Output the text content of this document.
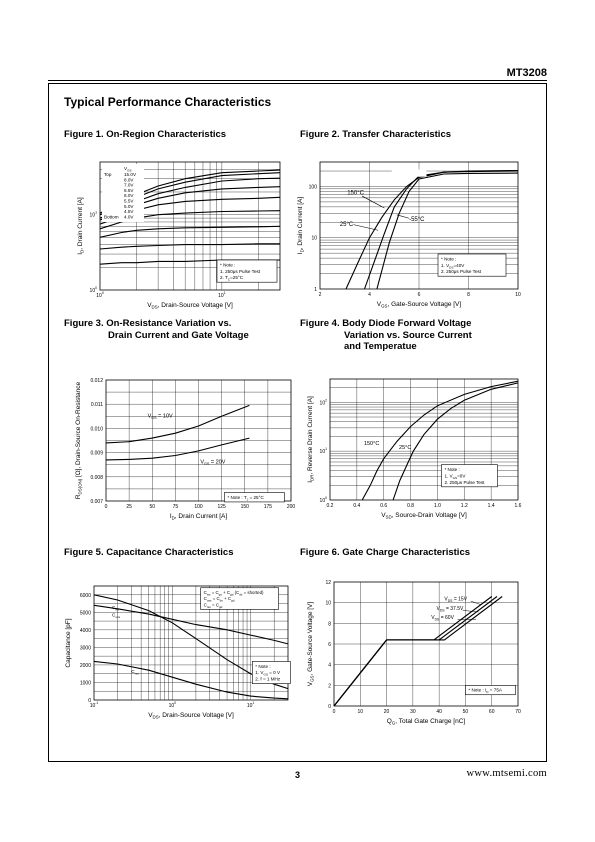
MT3208
Typical Performance Characteristics
Figure 1. On-Region Characteristics	Figure 2. Transfer Characteristics
Figure 3. On-Resistance Variation vs.
Drain Current and Gate Voltage
Figure 4. Body Diode Forward Voltage
Variation vs. Source Current
and Temperatue
Figure 5. Capacitance Characteristics	Figure 6. Gate Charge Characteristics
$10^0$	$10^1$
$10^0$
$10^1$
$V_{DS}$, Drain-Source Voltage [V]
$I_D$, Drain Current [A]
$V_{GS}$
15.0V
8.0V
7.0V
6.5V
6.0V
5.5V
5.0V
4.5V
4.0V
Top
Bottom
* Note :
1. 250μs Pulse Test
2. $T_C=25^\circ C$
2	4	6	8	10
1
10
100
$V_{GS}$, Gate-Source Voltage [V]
$I_D$, Drain Current [A]
150°C
25°C
-55°C
* Note :
1. $V_{DS}=40V$
2. 250μs Pulse Test
0	25	50	75	100	125	150	175	200
0.007
0.008
0.009
0.010
0.011
0.012
$I_D$, Drain Current [A]
$R_{DS(ON)}$ [Ω], Drain-Source On-Resistance	$V_{GS} = 10V$
$V_{GS} = 20V$
* Note : $T_J = 25^\circ C$
0.2	0.4	0.6	0.8	1.0	1.2	1.4	1.6
$10^0$
$10^1$
$10^2$
$V_{SD}$, Source-Drain Voltage [V]
$I_{DR}$, Reverse Drain Current [A]	150°C
25°C
* Note :
1. $V_{GS}=0V$
2. 250μs Pulse Test
$10^{-1}$	$10^0$	$10^1$
0
1000
2000
3000
4000
5000
6000
$V_{DS}$, Drain-Source Voltage [V]
Capacitance [pF]
$C_{iss}$
$C_{oss}$
$C_{rss}$
$C_{iss} = C_{gs} + C_{gd}$ ($C_{ds}$ = shorted)
$C_{oss} = C_{ds} + C_{gd}$
$C_{rss} = C_{gd}$
* Note :
1. $V_{GS} = 0$ V
2. f = 1 MHz
0	10	20	30	40	50	60	70
0
2
4
6
8
10
12
$Q_G$, Total Gate Charge [nC]
$V_{GS}$, Gate-Source Voltage [V]
$V_{DS} = 15V$
$V_{DS} = 37.5V$
$V_{DS} = 60V$
* Note : $I_D = 75A$
3	www.mtsemi.com
